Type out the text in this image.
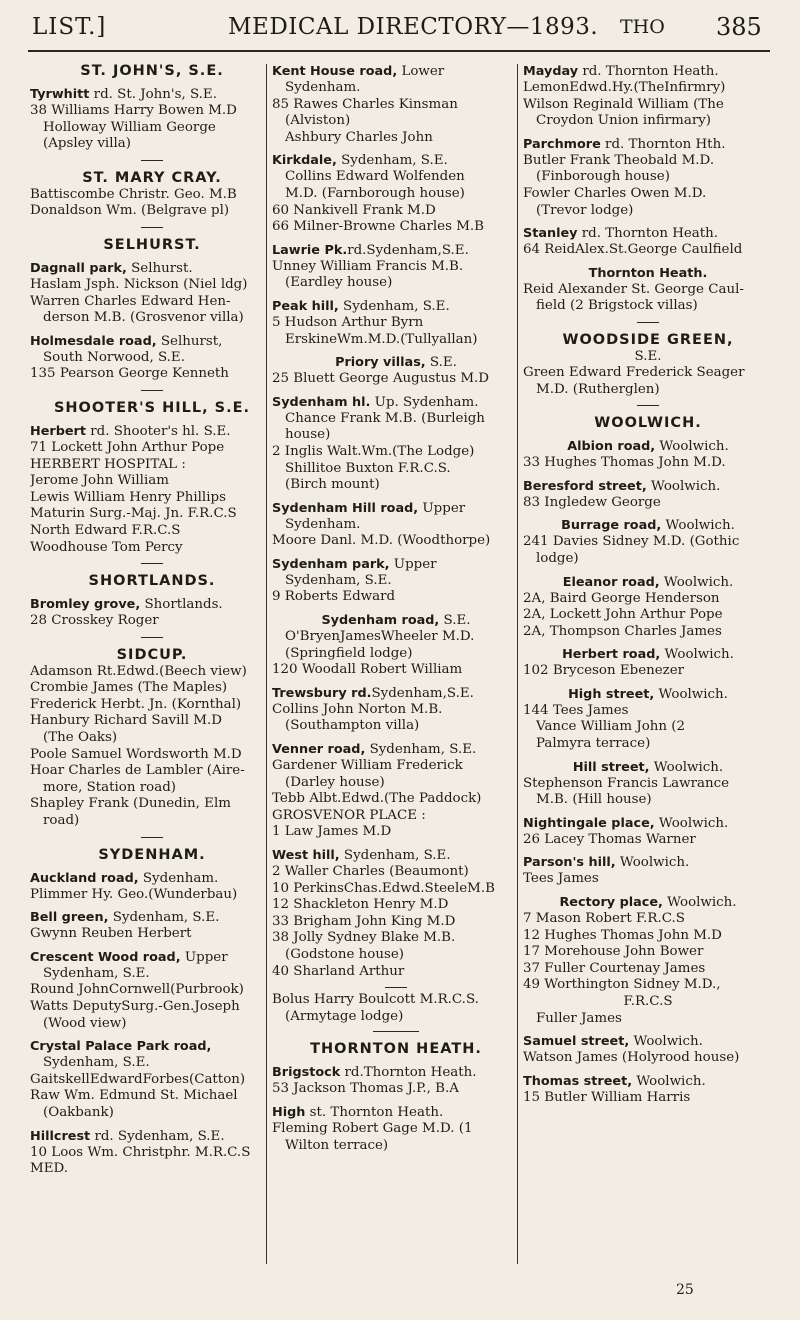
LIST.]	MEDICAL DIRECTORY—1893. THO 385
ST. JOHN'S, S.E.
Tyrwhitt rd. St. John's, S.E.
38 Williams Harry Bowen M.D
Holloway William George
(Apsley villa)
ST. MARY CRAY.
Battiscombe Christr. Geo. M.B
Donaldson Wm. (Belgrave pl)
SELHURST.
Dagnall park, Selhurst.
Haslam Jsph. Nickson (Niel ldg)
Warren Charles Edward Hen-
derson M.B. (Grosvenor villa)
Holmesdale road, Selhurst,
South Norwood, S.E.
135 Pearson George Kenneth
SHOOTER'S HILL, S.E.
Herbert rd. Shooter's hl. S.E.
71 Lockett John Arthur Pope
HERBERT HOSPITAL :
Jerome John William
Lewis William Henry Phillips
Maturin Surg.-Maj. Jn. F.R.C.S
North Edward F.R.C.S
Woodhouse Tom Percy
SHORTLANDS.
Bromley grove, Shortlands.
28 Crosskey Roger
SIDCUP.
Adamson Rt.Edwd.(Beech view)
Crombie James (The Maples)
Frederick Herbt. Jn. (Kornthal)
Hanbury Richard Savill M.D
(The Oaks)
Poole Samuel Wordsworth M.D
Hoar Charles de Lambler (Aire-
more, Station road)
Shapley Frank (Dunedin, Elm
road)
SYDENHAM.
Auckland road, Sydenham.
Plimmer Hy. Geo.(Wunderbau)
Bell green, Sydenham, S.E.
Gwynn Reuben Herbert
Crescent Wood road, Upper
Sydenham, S.E.
Round JohnCornwell(Purbrook)
Watts DeputySurg.-Gen.Joseph
(Wood view)
Crystal Palace Park road,
Sydenham, S.E.
GaitskellEdwardForbes(Catton)
Raw Wm. Edmund St. Michael
(Oakbank)
Hillcrest rd. Sydenham, S.E.
10 Loos Wm. Christphr. M.R.C.S
MED.
Kent House road, Lower
Sydenham.
85 Rawes Charles Kinsman
(Alviston)
Ashbury Charles John
Kirkdale, Sydenham, S.E.
Collins Edward Wolfenden
M.D. (Farnborough house)
60 Nankivell Frank M.D
66 Milner-Browne Charles M.B
Lawrie Pk.rd.Sydenham,S.E.
Unney William Francis M.B.
(Eardley house)
Peak hill, Sydenham, S.E.
5 Hudson Arthur Byrn
ErskineWm.M.D.(Tullyallan)
Priory villas, S.E.
25 Bluett George Augustus M.D
Sydenham hl. Up. Sydenham.
Chance Frank M.B. (Burleigh
house)
2 Inglis Walt.Wm.(The Lodge)
Shillitoe Buxton F.R.C.S.
(Birch mount)
Sydenham Hill road, Upper
Sydenham.
Moore Danl. M.D. (Woodthorpe)
Sydenham park, Upper
Sydenham, S.E.
9 Roberts Edward
Sydenham road, S.E.
O'BryenJamesWheeler M.D.
(Springfield lodge)
120 Woodall Robert William
Trewsbury rd.Sydenham,S.E.
Collins John Norton M.B.
(Southampton villa)
Venner road, Sydenham, S.E.
Gardener William Frederick
(Darley house)
Tebb Albt.Edwd.(The Paddock)
GROSVENOR PLACE :
1 Law James M.D
West hill, Sydenham, S.E.
2 Waller Charles (Beaumont)
10 PerkinsChas.Edwd.SteeleM.B
12 Shackleton Henry M.D
33 Brigham John King M.D
38 Jolly Sydney Blake M.B.
(Godstone house)
40 Sharland Arthur
Bolus Harry Boulcott M.R.C.S.
(Armytage lodge)
THORNTON HEATH.
Brigstock rd.Thornton Heath.
53 Jackson Thomas J.P., B.A
High st. Thornton Heath.
Fleming Robert Gage M.D. (1
Wilton terrace)
Mayday rd. Thornton Heath.
LemonEdwd.Hy.(TheInfirmry)
Wilson Reginald William (The
Croydon Union infirmary)
Parchmore rd. Thornton Hth.
Butler Frank Theobald M.D.
(Finborough house)
Fowler Charles Owen M.D.
(Trevor lodge)
Stanley rd. Thornton Heath.
64 ReidAlex.St.George Caulfield
Thornton Heath.
Reid Alexander St. George Caul-
field (2 Brigstock villas)
WOODSIDE GREEN,
S.E.
Green Edward Frederick Seager
M.D. (Rutherglen)
WOOLWICH.
Albion road, Woolwich.
33 Hughes Thomas John M.D.
Beresford street, Woolwich.
83 Ingledew George
Burrage road, Woolwich.
241 Davies Sidney M.D. (Gothic
lodge)
Eleanor road, Woolwich.
2A, Baird George Henderson
2A, Lockett John Arthur Pope
2A, Thompson Charles James
Herbert road, Woolwich.
102 Bryceson Ebenezer
High street, Woolwich.
144 Tees James
Vance William John (2
Palmyra terrace)
Hill street, Woolwich.
Stephenson Francis Lawrance
M.B. (Hill house)
Nightingale place, Woolwich.
26 Lacey Thomas Warner
Parson's hill, Woolwich.
Tees James
Rectory place, Woolwich.
7 Mason Robert F.R.C.S
12 Hughes Thomas John M.D
17 Morehouse John Bower
37 Fuller Courtenay James
49 Worthington Sidney M.D.,
F.R.C.S
Fuller James
Samuel street, Woolwich.
Watson James (Holyrood house)
Thomas street, Woolwich.
15 Butler William Harris
25
